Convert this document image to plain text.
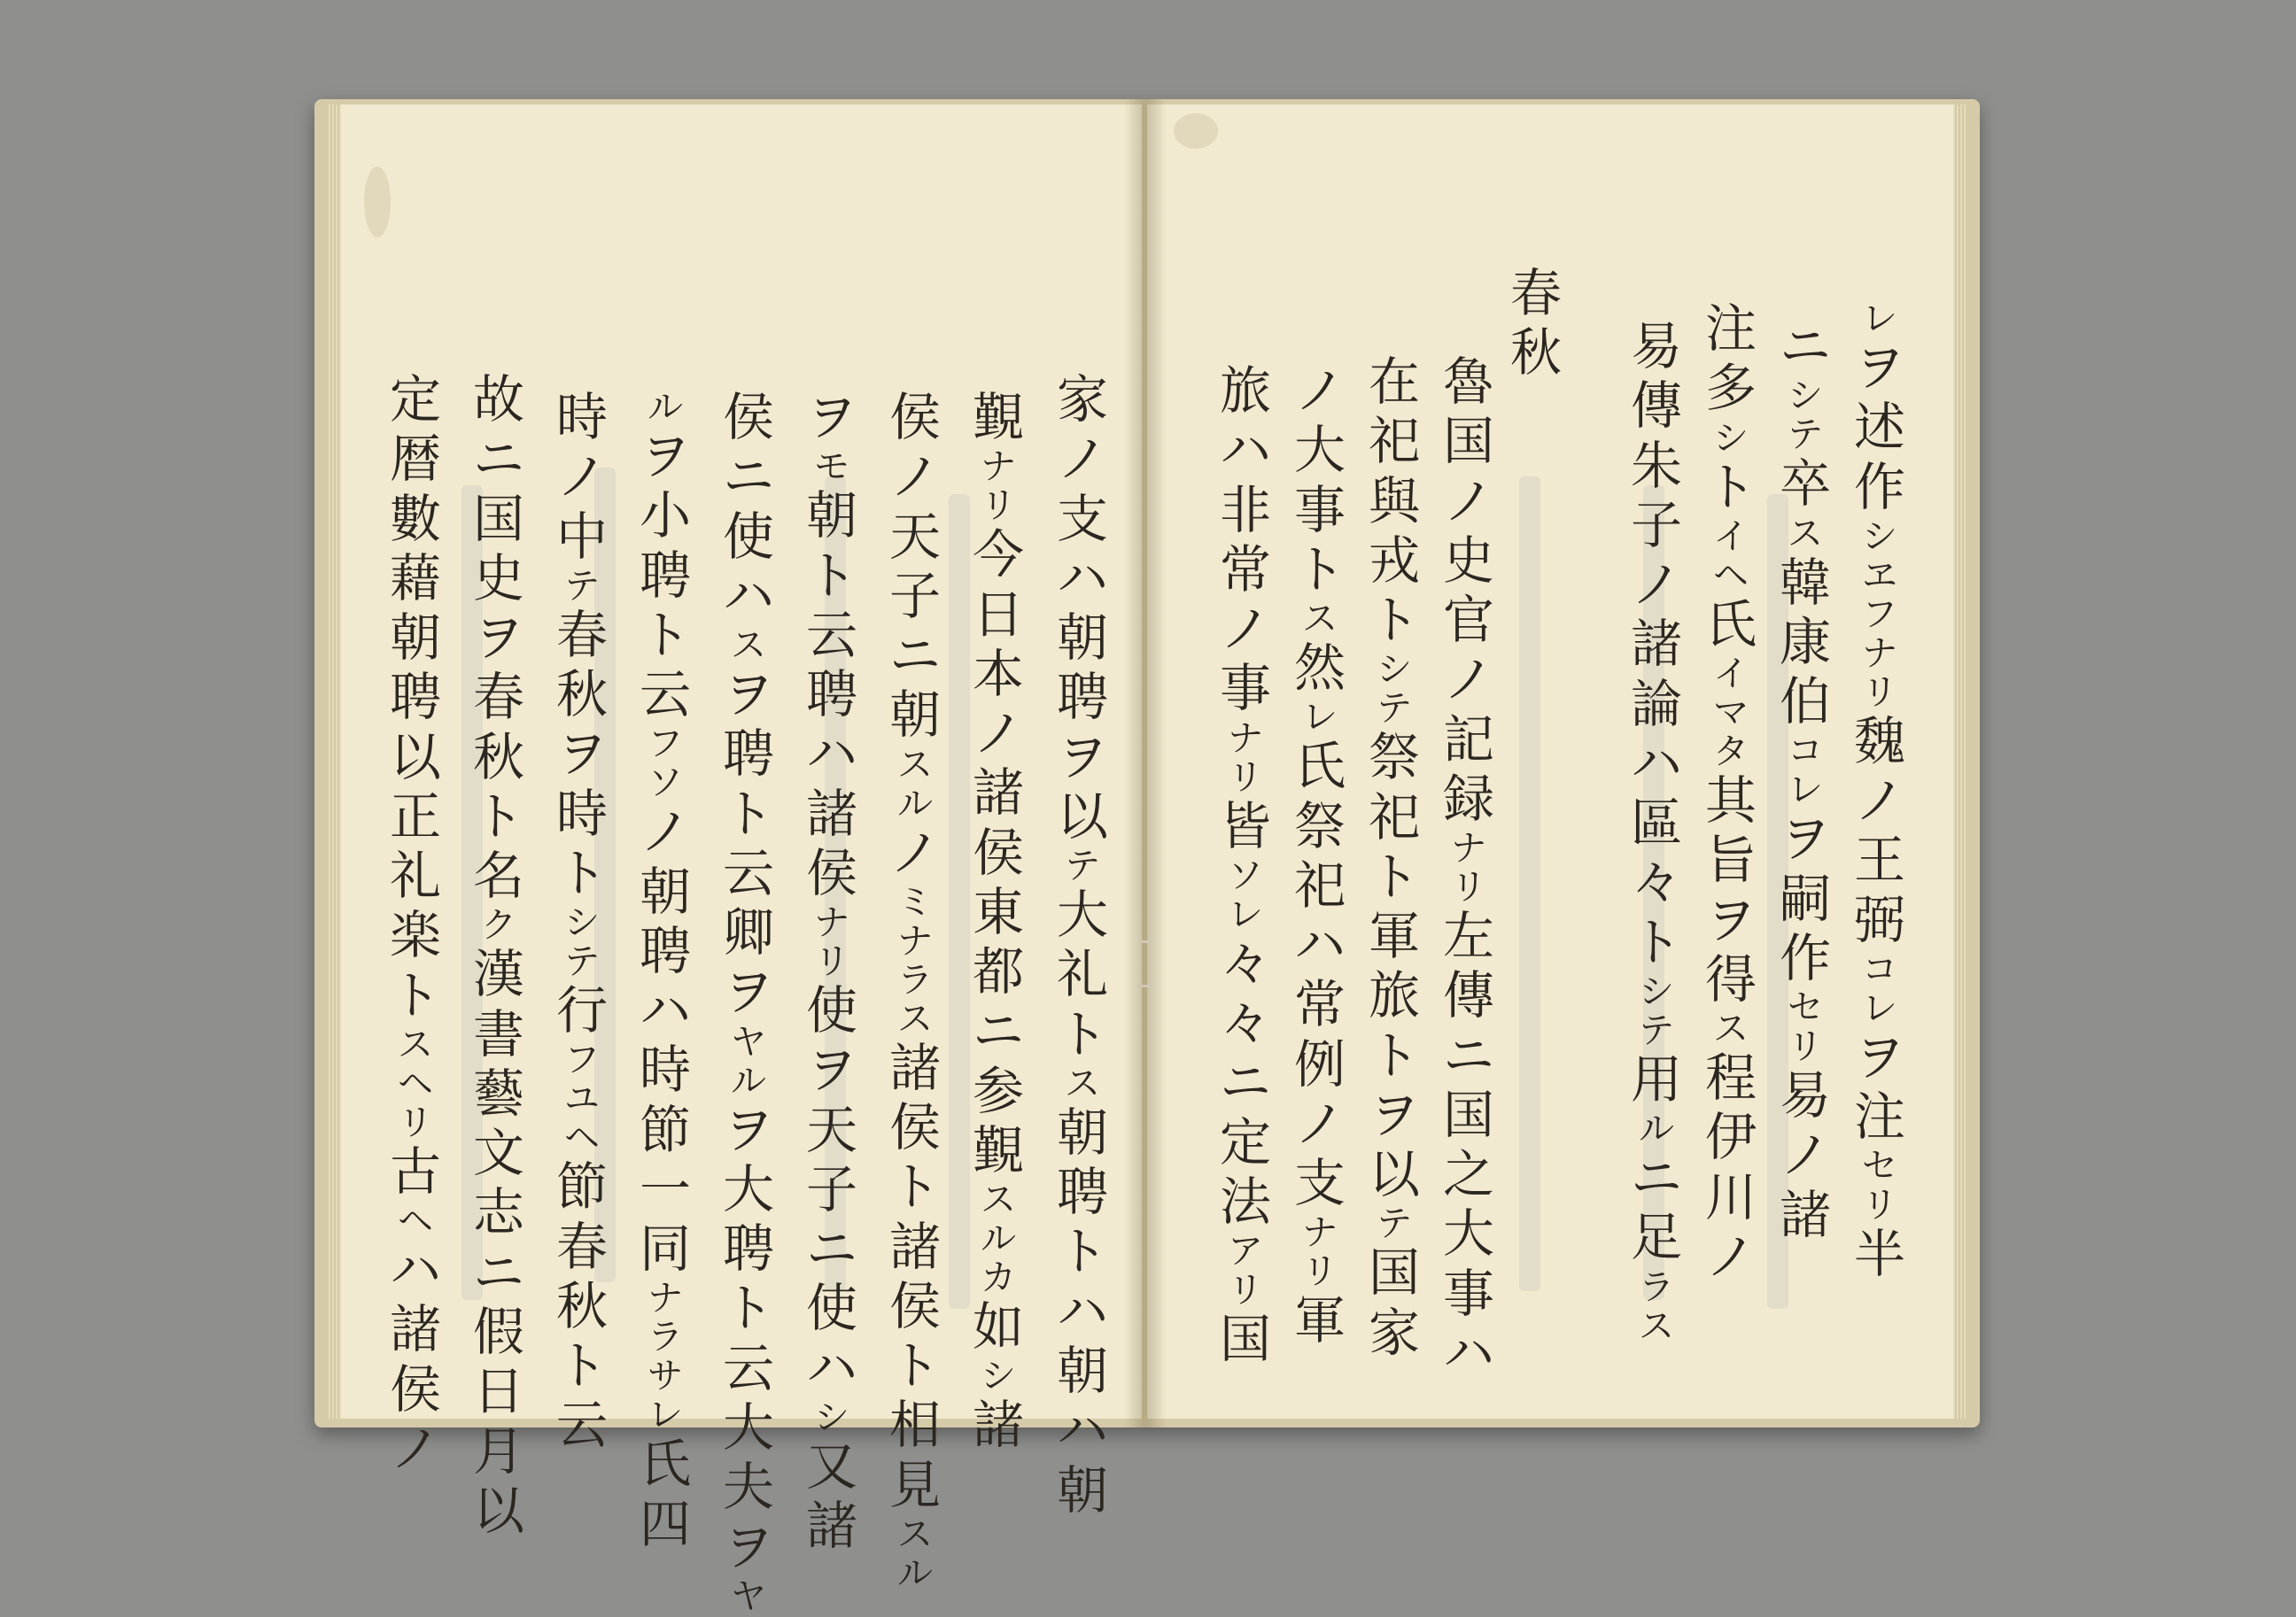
家
ノ
支
ハ
朝
聘
ヲ
以
テ
大
礼
ト
ス
朝
聘
ト
ハ
朝
ハ
朝
覲
ナ
リ
今
日
本
ノ
諸
侯
東
都
ニ
参
覲
ス
ル
カ
如
シ
諸
侯
ノ
天
子
ニ
朝
ス
ル
ノ
ミ
ナ
ラ
ス
諸
侯
ト
諸
侯
ト
相
見
ス
ル
ヲ
モ
朝
ト
云
聘
ハ
諸
侯
ナ
リ
使
ヲ
天
子
ニ
使
ハ
シ
又
諸
侯
ニ
使
ハ
ス
ヲ
聘
ト
云
卿
ヲ
ヤ
ル
ヲ
大
聘
ト
云
大
夫
ヲ
ヤ
ル
ヲ
小
聘
ト
云
フ
ソ
ノ
朝
聘
ハ
時
節
一
同
ナ
ラ
サ
レ
氏
四
時
ノ
中
テ
春
秋
ヲ
時
ト
シ
テ
行
フ
ユ
ヘ
節
春
秋
ト
云
故
ニ
国
史
ヲ
春
秋
ト
名
ク
漢
書
藝
文
志
ニ
假
日
月
以
定
暦
數
藉
朝
聘
以
正
礼
楽
ト
ス
ヘ
リ
古
ヘ
ハ
諸
侯
ノ
レ
ヲ
述
作
シ
ヱ
フ
ナ
リ
魏
ノ
王
弼
コ
レ
ヲ
注
セ
リ
半
ニ
シ
テ
卒
ス
韓
康
伯
コ
レ
ヲ
嗣
作
セ
リ
易
ノ
諸
注
多
シ
ト
イ
ヘ
氏
イ
マ
タ
其
旨
ヲ
得
ス
程
伊
川
ノ
易
傳
朱
子
ノ
諸
論
ハ
區
々
ト
シ
テ
用
ル
ニ
足
ラ
ス
春
秋
魯
国
ノ
史
官
ノ
記
録
ナ
リ
左
傳
ニ
国
之
大
事
ハ
在
祀
與
戎
ト
シ
テ
祭
祀
ト
軍
旅
ト
ヲ
以
テ
国
家
ノ
大
事
ト
ス
然
レ
氏
祭
祀
ハ
常
例
ノ
支
ナ
リ
軍
旅
ハ
非
常
ノ
事
ナ
リ
皆
ソ
レ
々
々
ニ
定
法
ア
リ
国
